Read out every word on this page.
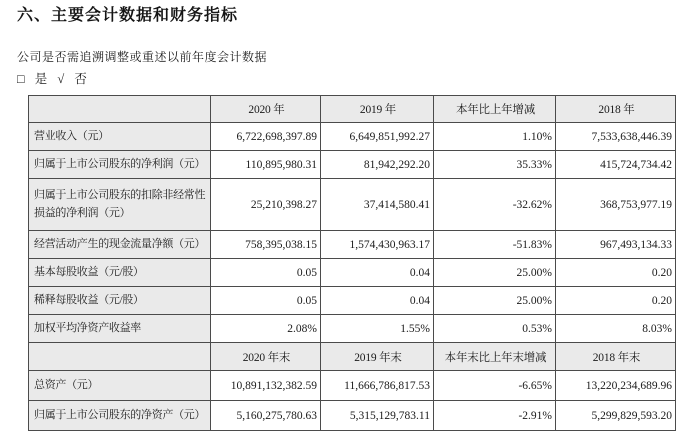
六、主要会计数据和财务指标
公司是否需追溯调整或重述以前年度会计数据
□ 是 √ 否
	2020 年	2019 年	本年比上年增减	2018 年
营业收入（元）	6,722,698,397.89	6,649,851,992.27	1.10%	7,533,638,446.39
归属于上市公司股东的净利润（元）	110,895,980.31	81,942,292.20	35.33%	415,724,734.42
归属于上市公司股东的扣除非经常性损益的净利润（元）	25,210,398.27	37,414,580.41	-32.62%	368,753,977.19
经营活动产生的现金流量净额（元）	758,395,038.15	1,574,430,963.17	-51.83%	967,493,134.33
基本每股收益（元/股）	0.05	0.04	25.00%	0.20
稀释每股收益（元/股）	0.05	0.04	25.00%	0.20
加权平均净资产收益率	2.08%	1.55%	0.53%	8.03%
	2020 年末	2019 年末	本年末比上年末增减	2018 年末
总资产（元）	10,891,132,382.59	11,666,786,817.53	-6.65%	13,220,234,689.96
归属于上市公司股东的净资产（元）	5,160,275,780.63	5,315,129,783.11	-2.91%	5,299,829,593.20
